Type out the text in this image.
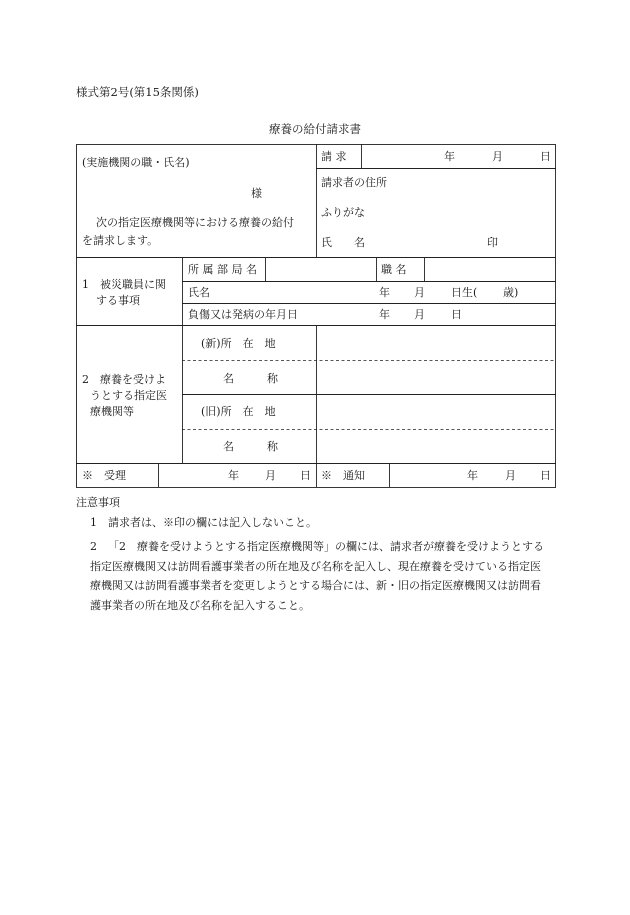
様式第2号(第15条関係)
療養の給付請求書
(実施機関の職・氏名)
様
次の指定医療機関等における療養の給付
を請求します。
請 求	年	月	日
請求者の住所
ふりがな
氏　　名	印
1　被災職員に関
する事項
所 属 部 局 名	職 名
氏名	年 月 日生( 歳)
負傷又は発病の年月日	年 月 日
2　療養を受けよ
うとする指定医
療機関等
(新)所　在　地
名　　　称
(旧)所　在　地
名　　　称
※　受理	年 月 日 ※　通知	年 月 日
注意事項
1　請求者は、※印の欄には記入しないこと。
2 「2　療養を受けようとする指定医療機関等」の欄には、請求者が療養を受けようとする指定医療機関又は訪問看護事業者の所在地及び名称を記入し、現在療養を受けている指定医療機関又は訪問看護事業者を変更しようとする場合には、新・旧の指定医療機関又は訪問看護事業者の所在地及び名称を記入すること。
